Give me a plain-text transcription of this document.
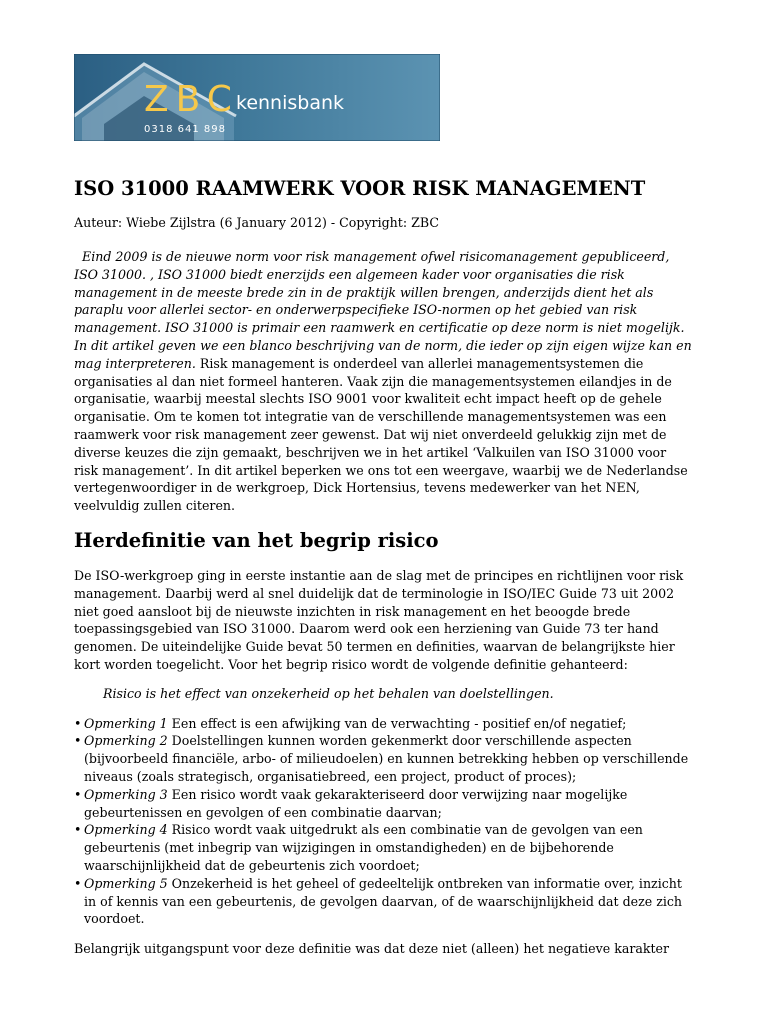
ZBC
kennisbank
0318 641 898
ISO 31000 RAAMWERK VOOR RISK MANAGEMENT
Auteur: Wiebe Zijlstra (6 January 2012) - Copyright: ZBC

Eind 2009 is de nieuwe norm voor risk management ofwel risicomanagement gepubliceerd, ISO 31000. , ISO 31000 biedt enerzijds een algemeen kader voor organisaties die risk management in de meeste brede zin in de praktijk willen brengen, anderzijds dient het als paraplu voor allerlei sector- en onderwerpspecifieke ISO-normen op het gebied van risk management. ISO 31000 is primair een raamwerk en certificatie op deze norm is niet mogelijk. In dit artikel geven we een blanco beschrijving van de norm, die ieder op zijn eigen wijze kan en mag interpreteren. Risk management is onderdeel van allerlei managementsystemen die organisaties al dan niet formeel hanteren. Vaak zijn die managementsystemen eilandjes in de organisatie, waarbij meestal slechts ISO 9001 voor kwaliteit echt impact heeft op de gehele organisatie. Om te komen tot integratie van de verschillende managementsystemen was een raamwerk voor risk management zeer gewenst. Dat wij niet onverdeeld gelukkig zijn met de diverse keuzes die zijn gemaakt, beschrijven we in het artikel ‘Valkuilen van ISO 31000 voor risk management’. In dit artikel beperken we ons tot een weergave, waarbij we de Nederlandse vertegenwoordiger in de werkgroep, Dick Hortensius, tevens medewerker van het NEN, veelvuldig zullen citeren.

Herdefinitie van het begrip risico

De ISO-werkgroep ging in eerste instantie aan de slag met de principes en richtlijnen voor risk management. Daarbij werd al snel duidelijk dat de terminologie in ISO/IEC Guide 73 uit 2002 niet goed aansloot bij de nieuwste inzichten in risk management en het beoogde brede toepassingsgebied van ISO 31000. Daarom werd ook een herziening van Guide 73 ter hand genomen. De uiteindelijke Guide bevat 50 termen en definities, waarvan de belangrijkste hier kort worden toegelicht. Voor het begrip risico wordt de volgende definitie gehanteerd:

Risico is het effect van onzekerheid op het behalen van doelstellingen.
• Opmerking 1 Een effect is een afwijking van de verwachting - positief en/of negatief;
• Opmerking 2 Doelstellingen kunnen worden gekenmerkt door verschillende aspecten (bijvoorbeeld financiële, arbo- of milieudoelen) en kunnen betrekking hebben op verschillende niveaus (zoals strategisch, organisatiebreed, een project, product of proces);
• Opmerking 3 Een risico wordt vaak gekarakteriseerd door verwijzing naar mogelijke gebeurtenissen en gevolgen of een combinatie daarvan;
• Opmerking 4 Risico wordt vaak uitgedrukt als een combinatie van de gevolgen van een gebeurtenis (met inbegrip van wijzigingen in omstandigheden) en de bijbehorende waarschijnlijkheid dat de gebeurtenis zich voordoet;
• Opmerking 5 Onzekerheid is het geheel of gedeeltelijk ontbreken van informatie over, inzicht in of kennis van een gebeurtenis, de gevolgen daarvan, of de waarschijnlijkheid dat deze zich voordoet.

Belangrijk uitgangspunt voor deze definitie was dat deze niet (alleen) het negatieve karakter
